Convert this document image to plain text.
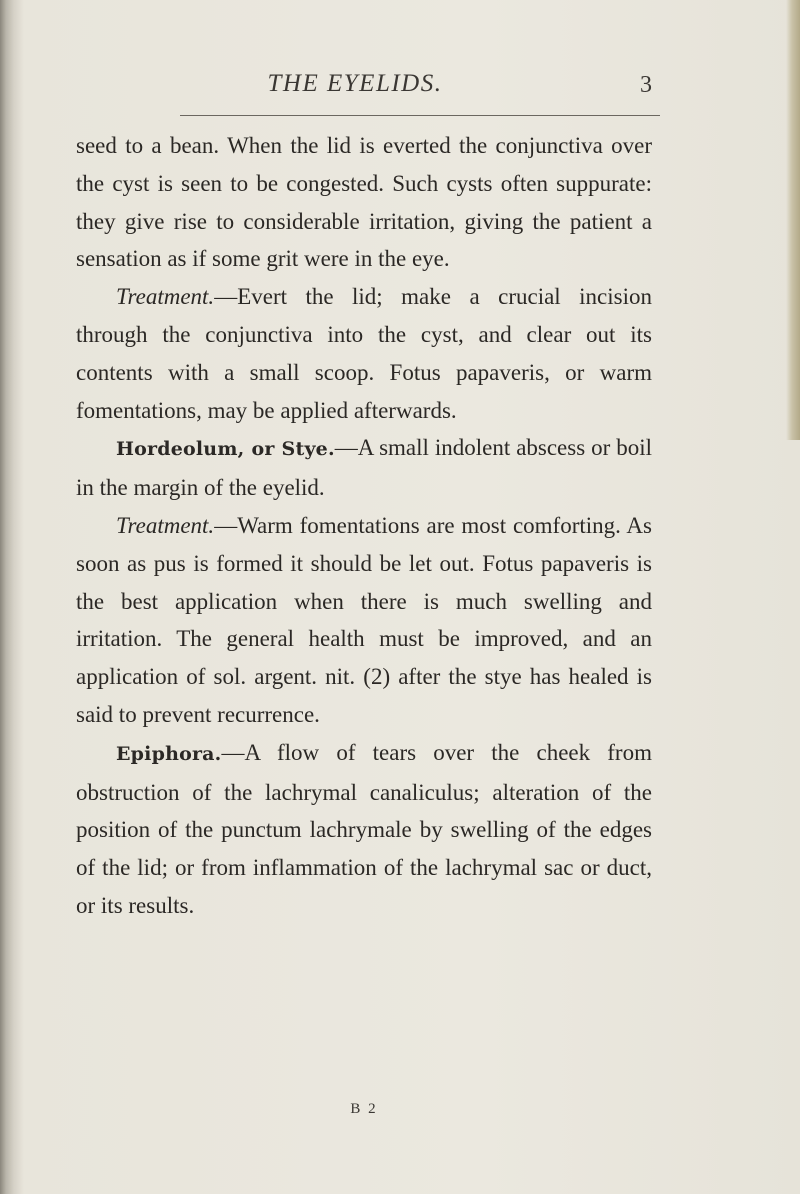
THE EYELIDS.	3

seed to a bean. When the lid is everted the conjunctiva over the cyst is seen to be congested. Such cysts often suppurate: they give rise to considerable irritation, giving the patient a sensation as if some grit were in the eye.

Treatment.—Evert the lid; make a crucial incision through the conjunctiva into the cyst, and clear out its contents with a small scoop. Fotus papaveris, or warm fomentations, may be applied afterwards.

Hordeolum, or Stye.—A small indolent abscess or boil in the margin of the eyelid.

Treatment.—Warm fomentations are most comforting. As soon as pus is formed it should be let out. Fotus papaveris is the best application when there is much swelling and irritation. The general health must be improved, and an application of sol. argent. nit. (2) after the stye has healed is said to prevent recurrence.

Epiphora.—A flow of tears over the cheek from obstruction of the lachrymal canaliculus; alteration of the position of the punctum lachrymale by swelling of the edges of the lid; or from inflammation of the lachrymal sac or duct, or its results.

B 2
